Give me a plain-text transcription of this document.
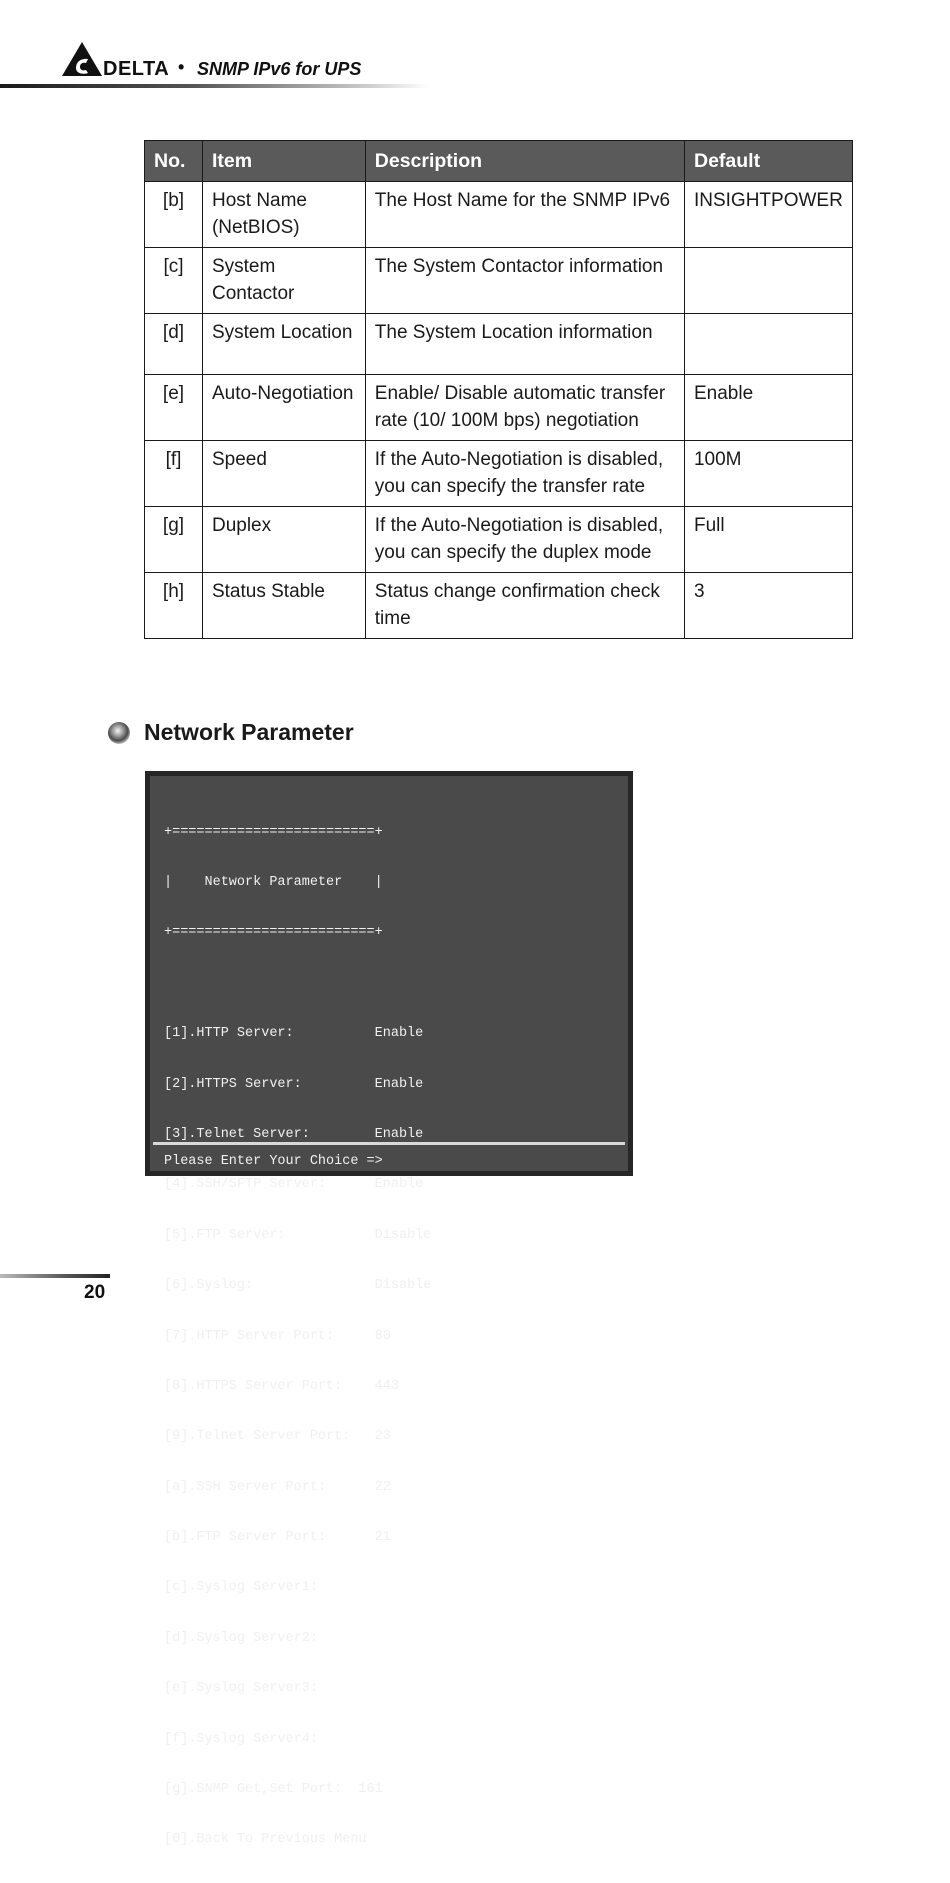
DELTA • SNMP IPv6 for UPS
No.	Item	Description	Default
[b]	Host Name (NetBIOS)	The Host Name for the SNMP IPv6	INSIGHTPOWER
[c]	System Contactor	The System Contactor information	
[d]	System Location	The System Location information	
[e]	Auto-Negotiation	Enable/ Disable automatic transfer rate (10/ 100M bps) negotiation	Enable
[f]	Speed	If the Auto-Negotiation is disabled, you can specify the transfer rate	100M
[g]	Duplex	If the Auto-Negotiation is disabled, you can specify the duplex mode	Full
[h]	Status Stable	Status change confirmation check time	3
Network Parameter

+=========================+

|    Network Parameter    |

+=========================+

[1].HTTP Server:          Enable

[2].HTTPS Server:         Enable

[3].Telnet Server:        Enable

[4].SSH/SFTP Server:      Enable

[5].FTP Server:           Disable

[6].Syslog:               Disable

[7].HTTP Server Port:     80

[8].HTTPS Server Port:    443

[9].Telnet Server Port:   23

[a].SSH Server Port:      22

[b].FTP Server Port:      21

[c].Syslog Server1:

[d].Syslog Server2:

[e].Syslog Server3:

[f].Syslog Server4:

[g].SNMP Get,Set Port:  161

[0].Back To Previous Menu

Please Enter Your Choice =>
20
